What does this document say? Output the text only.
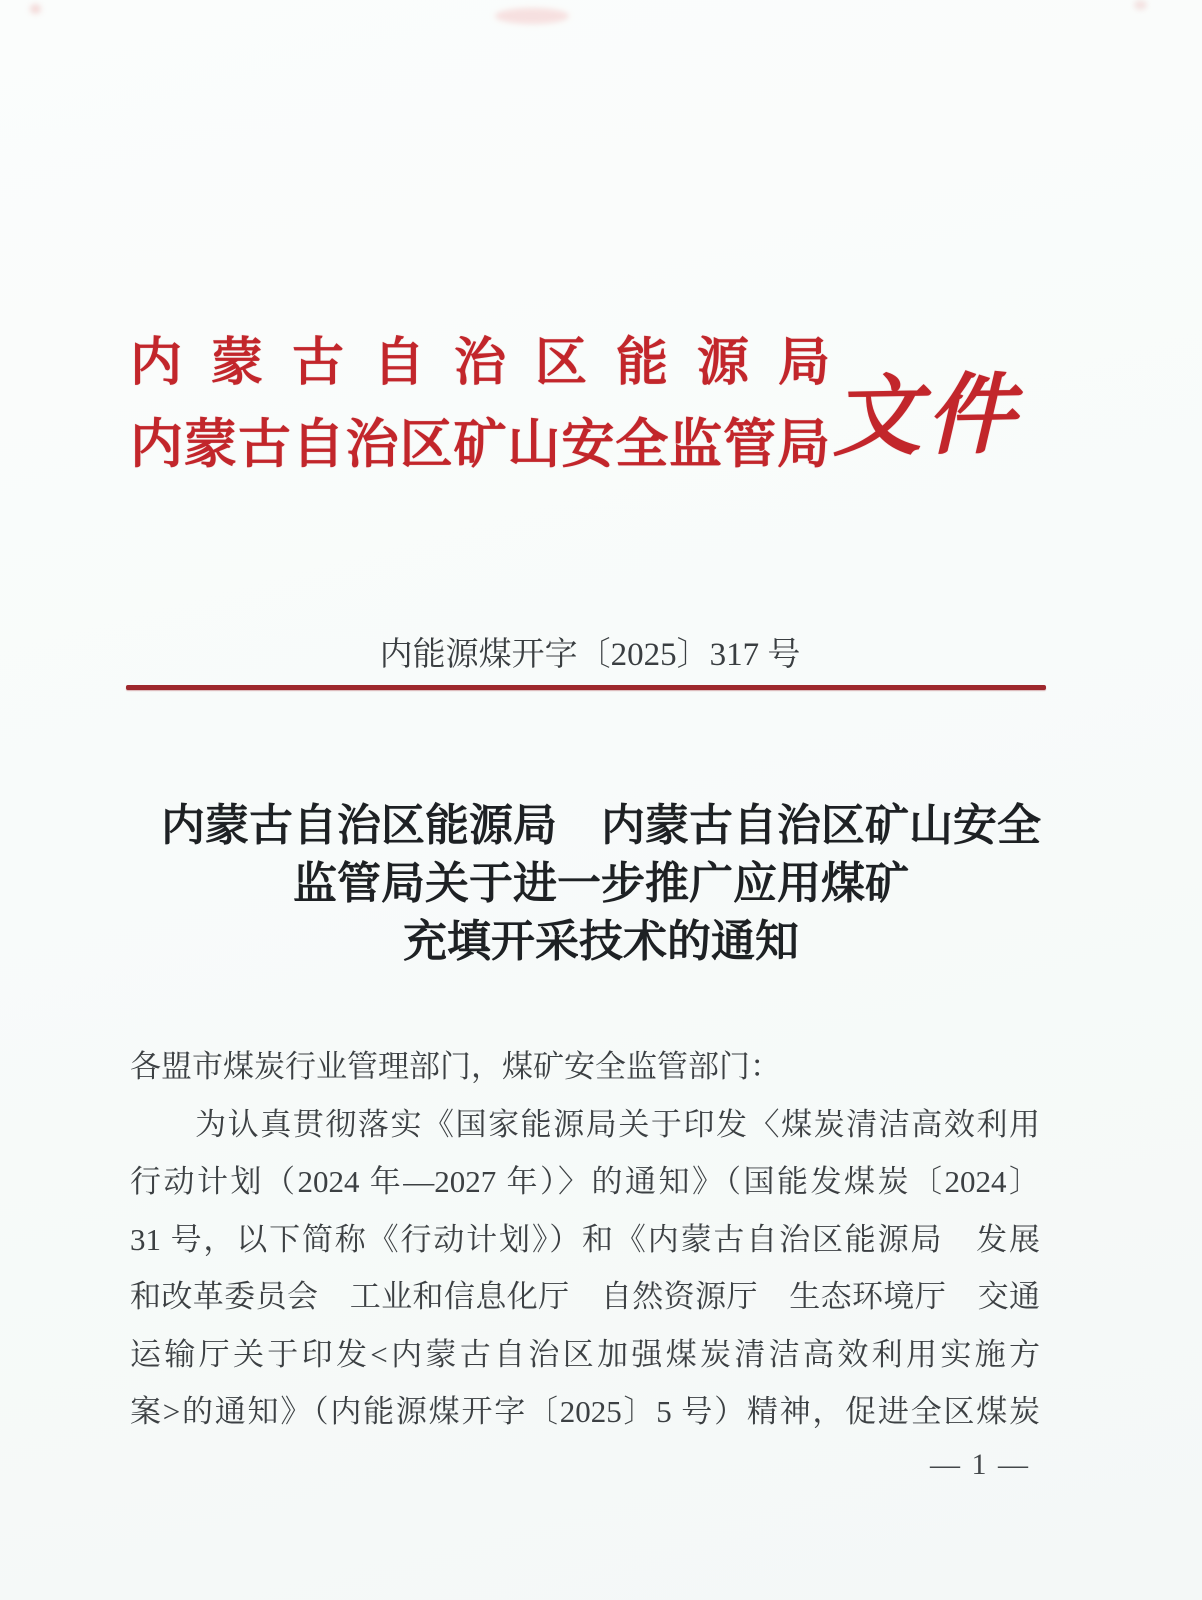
内蒙古自治区能源局
内蒙古自治区矿山安全监管局
文件
内能源煤开字〔2025〕317 号
内蒙古自治区能源局　内蒙古自治区矿山安全
监管局关于进一步推广应用煤矿
充填开采技术的通知
各盟市煤炭行业管理部门，煤矿安全监管部门：
　　为认真贯彻落实《国家能源局关于印发〈煤炭清洁高效利用
行动计划（2024 年—2027 年）〉的通知》（国能发煤炭〔2024〕
31 号，以下简称《行动计划》）和《内蒙古自治区能源局　发展
和改革委员会　工业和信息化厅　自然资源厅　生态环境厅　交通
运输厅关于印发<内蒙古自治区加强煤炭清洁高效利用实施方
案>的通知》（内能源煤开字〔2025〕5 号）精神，促进全区煤炭
— 1 —
